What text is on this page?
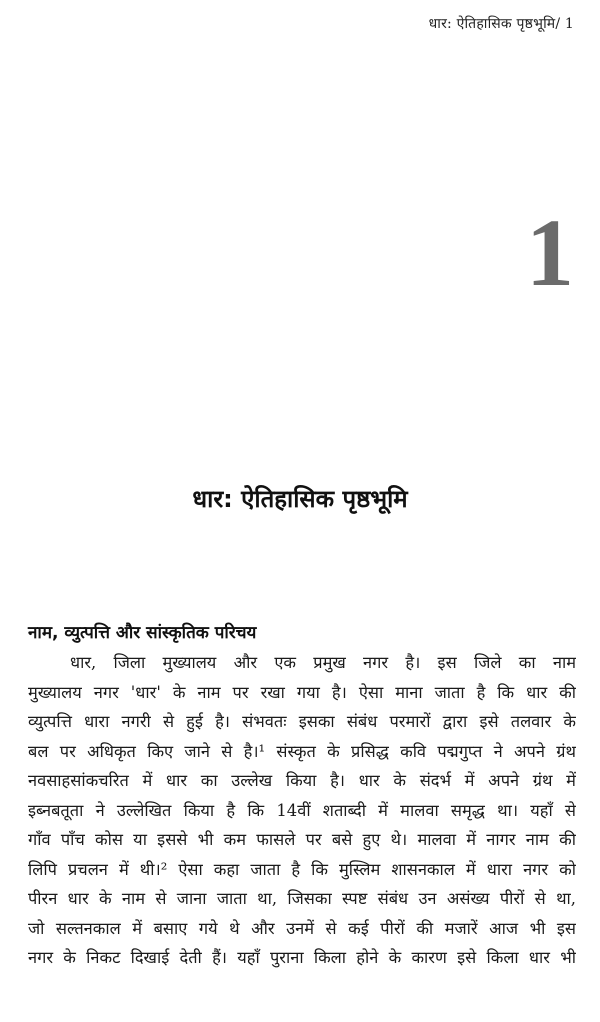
धार: ऐतिहासिक पृष्ठभूमि/ 1
1
धार: ऐतिहासिक पृष्ठभूमि
नाम, व्युत्पत्ति और सांस्कृतिक परिचय
धार, जिला मुख्यालय और एक प्रमुख नगर है। इस जिले का नाम
मुख्यालय नगर 'धार' के नाम पर रखा गया है। ऐसा माना जाता है कि धार की
व्युत्पत्ति धारा नगरी से हुई है। संभवतः इसका संबंध परमारों द्वारा इसे तलवार के
बल पर अधिकृत किए जाने से है।¹ संस्कृत के प्रसिद्ध कवि पद्मगुप्त ने अपने ग्रंथ
नवसाहसांकचरित में धार का उल्लेख किया है। धार के संदर्भ में अपने ग्रंथ में
इब्नबतूता ने उल्लेखित किया है कि 14वीं शताब्दी में मालवा समृद्ध था। यहाँ से
गाँव पाँच कोस या इससे भी कम फासले पर बसे हुए थे। मालवा में नागर नाम की
लिपि प्रचलन में थी।² ऐसा कहा जाता है कि मुस्लिम शासनकाल में धारा नगर को
पीरन धार के नाम से जाना जाता था, जिसका स्पष्ट संबंध उन असंख्य पीरों से था,
जो सल्तनकाल में बसाए गये थे और उनमें से कई पीरों की मजारें आज भी इस
नगर के निकट दिखाई देती हैं। यहाँ पुराना किला होने के कारण इसे किला धार भी
